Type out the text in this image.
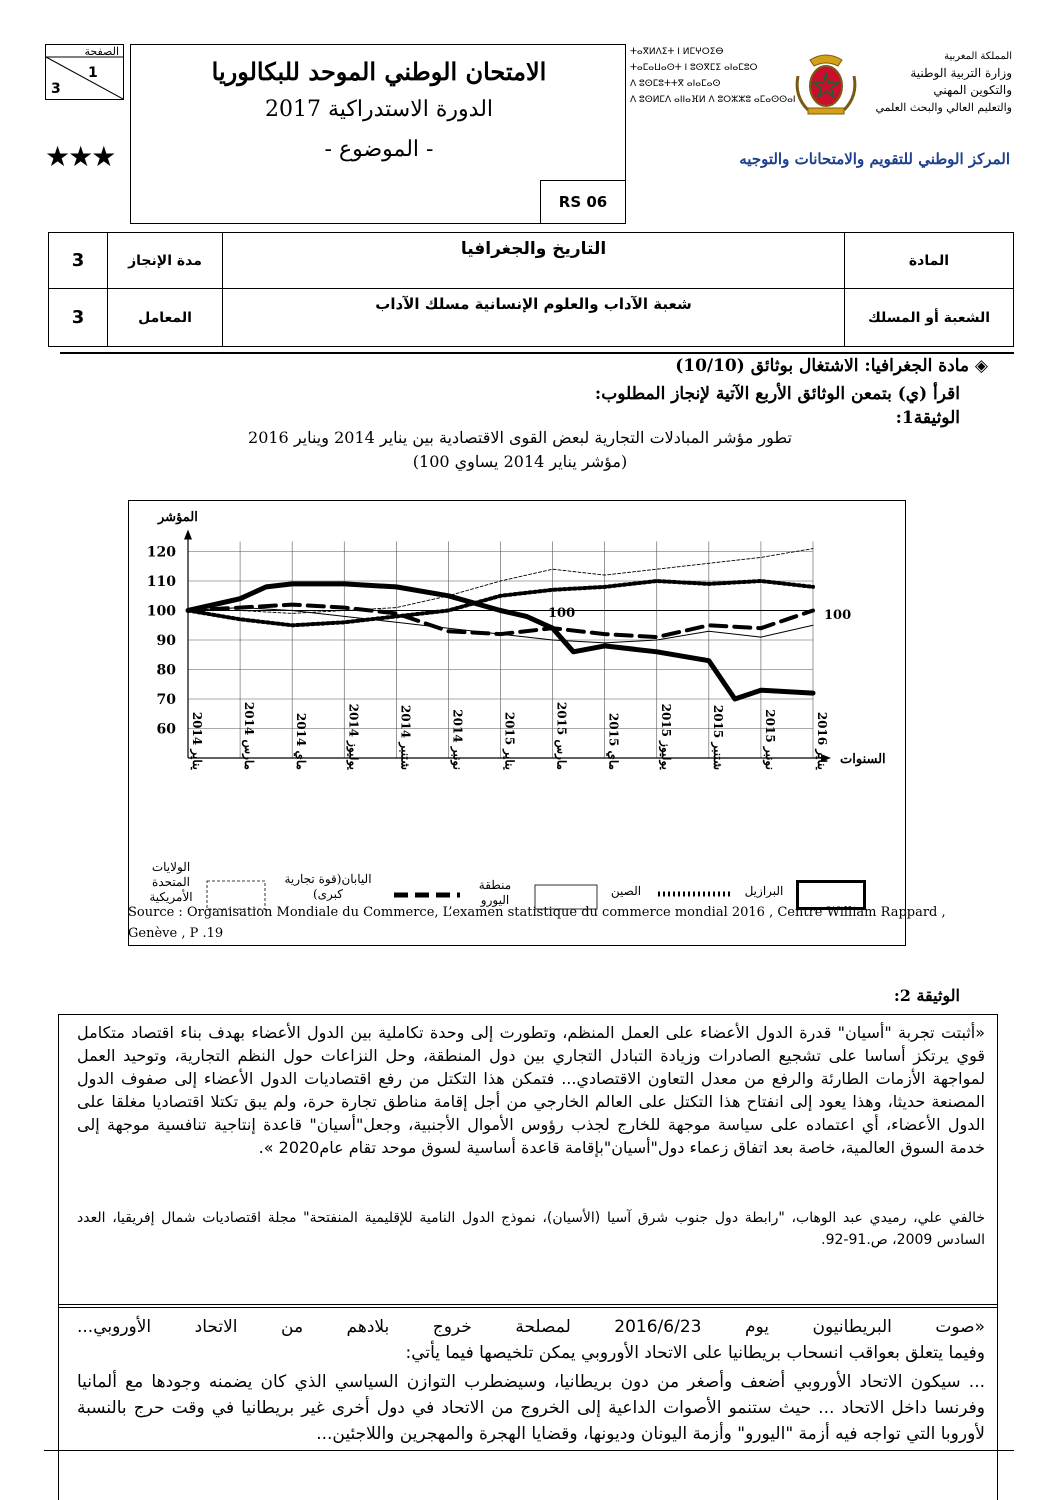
الصفحة
1
3
★★★
الامتحان الوطني الموحد للبكالوريا
الدورة الاستدراكية 2017
- الموضوع -
RS 06
ⵜⴰⴳⵍⴷⵉⵜ ⵏ ⵍⵎⵖⵔⵉⴱ
ⵜⴰⵎⴰⵡⴰⵙⵜ ⵏ ⵓⵙⴳⵎⵉ ⴰⵏⴰⵎⵓⵔ
ⴷ ⵓⵙⵎⵓⵜⵜⴳ ⴰⵏⴰⵎⴰⵙ
ⴷ ⵓⵙⵍⵎⴷ ⴰⵏⵏⴰⴼⵍ ⴷ ⵓⵔⵣⵣⵓ ⴰⵎⴰⵙⵙⴰⵏ
المملكة المغربية
وزارة التربية الوطنية
والتكوين المهني
والتعليم العالي والبحث العلمي
المركز الوطني للتقويم والامتحانات والتوجيه
3	مدة الإنجاز	التاريخ والجغرافيا	المادة
3	المعامل	شعبة الآداب والعلوم الإنسانية مسلك الآداب	الشعبة أو المسلك
◈ مادة الجغرافيا: الاشتغال بوثائق (10/10)
اقرأ (ي) بتمعن الوثائق الأربع الآتية لإنجاز المطلوب:
الوثيقة1:
تطور مؤشر المبادلات التجارية لبعض القوى الاقتصادية بين يناير 2014 ويناير 2016
(مؤشر يناير 2014 يساوي 100)
60
70
80
90
100
110
120
يناير 2014
مارس 2014
ماي 2014
يوليوز 2014
شتنبر 2014
نونبر 2014
يناير 2015
مارس 2015
ماي 2015
يوليوز 2015
شتنبر 2015
نونبر 2015
يناير 2016
المؤشر
السنوات
100	100
الولايات المتحدة الأمريكية
اليابان(قوة تجارية كبرى)
منطقة اليورو
الصين	البرازيل
Source : Organisation Mondiale du Commerce, L’examen statistique du commerce mondial 2016 , Centre William Rappard , Genève , P .19
الوثيقة 2:
«أثبتت تجربة "أسيان" قدرة الدول الأعضاء على العمل المنظم، وتطورت إلى وحدة تكاملية بين الدول الأعضاء بهدف بناء اقتصاد متكامل قوي يرتكز أساسا على تشجيع الصادرات وزيادة التبادل التجاري بين دول المنطقة، وحل النزاعات حول النظم التجارية، وتوحيد العمل لمواجهة الأزمات الطارئة والرفع من معدل التعاون الاقتصادي... فتمكن هذا التكتل من رفع اقتصاديات الدول الأعضاء إلى صفوف الدول المصنعة حديثا، وهذا يعود إلى انفتاح هذا التكتل على العالم الخارجي من أجل إقامة مناطق تجارة حرة، ولم يبق تكتلا اقتصاديا مغلقا على الدول الأعضاء، أي اعتماده على سياسة موجهة للخارج لجذب رؤوس الأموال الأجنبية، وجعل"أسيان" قاعدة إنتاجية تنافسية موجهة إلى خدمة السوق العالمية، خاصة بعد اتفاق زعماء دول"أسيان"بإقامة قاعدة أساسية لسوق موحد تقام عام2020 ».
خالفي علي، رميدي عبد الوهاب، "رابطة دول جنوب شرق آسيا (الأسيان)، نموذج الدول النامية للإقليمية المنفتحة" مجلة اقتصاديات شمال إفريقيا، العدد السادس 2009، ص.91-92.
«صوت البريطانيون يوم 2016/6/23 لمصلحة خروج بلادهم من الاتحاد الأوروبي...
وفيما يتعلق بعواقب انسحاب بريطانيا على الاتحاد الأوروبي يمكن تلخيصها فيما يأتي:
... سيكون الاتحاد الأوروبي أضعف وأصغر من دون بريطانيا، وسيضطرب التوازن السياسي الذي كان يضمنه وجودها مع ألمانيا وفرنسا داخل الاتحاد ... حيث ستنمو الأصوات الداعية إلى الخروج من الاتحاد في دول أخرى غير بريطانيا في وقت حرج بالنسبة لأوروبا التي تواجه فيه أزمة "اليورو" وأزمة اليونان وديونها، وقضايا الهجرة والمهجرين واللاجئين...
